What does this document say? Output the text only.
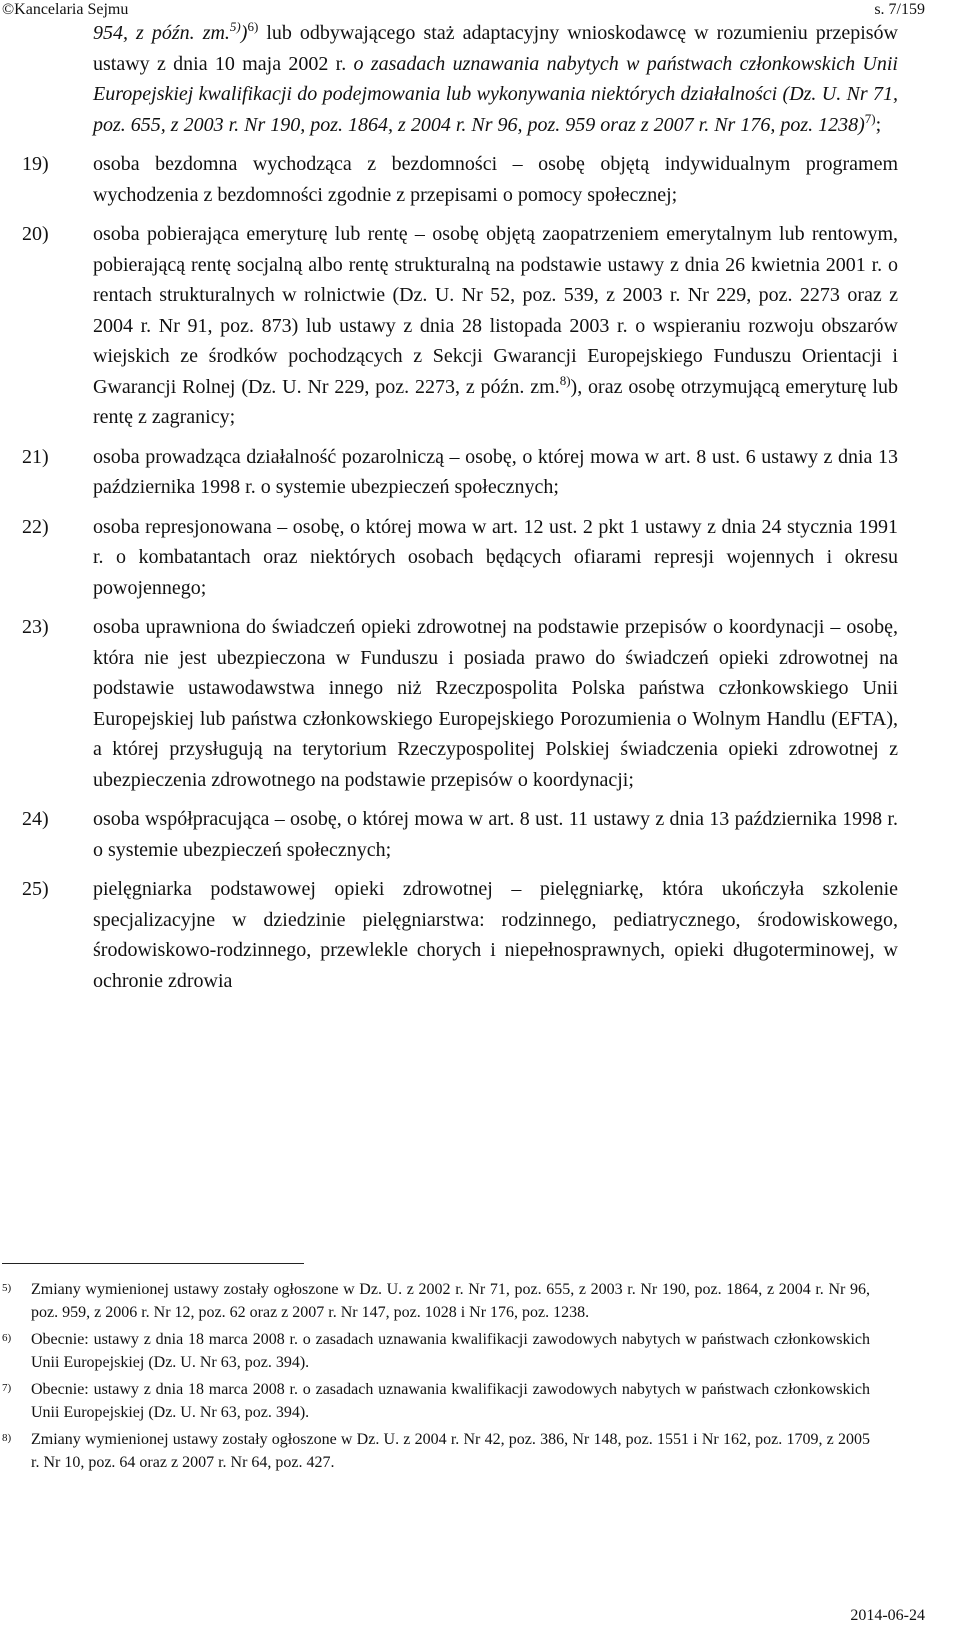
©Kancelaria Sejmu	s. 7/159
954, z późn. zm.$^{5)}$)$^{6)}$ lub odbywającego staż adaptacyjny wnioskodawcę w rozumieniu przepisów ustawy z dnia 10 maja 2002 r. o zasadach uznawania nabytych w państwach członkowskich Unii Europejskiej kwalifikacji do podejmowania lub wykonywania niektórych działalności (Dz. U. Nr 71, poz. 655, z 2003 r. Nr 190, poz. 1864, z 2004 r. Nr 96, poz. 959 oraz z 2007 r. Nr 176, poz. 1238)$^{7)}$;
19)	osoba bezdomna wychodząca z bezdomności – osobę objętą indywidualnym programem wychodzenia z bezdomności zgodnie z przepisami o pomocy społecznej;
20)	osoba pobierająca emeryturę lub rentę – osobę objętą zaopatrzeniem emerytalnym lub rentowym, pobierającą rentę socjalną albo rentę strukturalną na podstawie ustawy z dnia 26 kwietnia 2001 r. o rentach strukturalnych w rolnictwie (Dz. U. Nr 52, poz. 539, z 2003 r. Nr 229, poz. 2273 oraz z 2004 r. Nr 91, poz. 873) lub ustawy z dnia 28 listopada 2003 r. o wspieraniu rozwoju obszarów wiejskich ze środków pochodzących z Sekcji Gwarancji Europejskiego Funduszu Orientacji i Gwarancji Rolnej (Dz. U. Nr 229, poz. 2273, z późn. zm.$^{8)}$), oraz osobę otrzymującą emeryturę lub rentę z zagranicy;
21)	osoba prowadząca działalność pozarolniczą – osobę, o której mowa w art. 8 ust. 6 ustawy z dnia 13 października 1998 r. o systemie ubezpieczeń społecznych;
22)	osoba represjonowana – osobę, o której mowa w art. 12 ust. 2 pkt 1 ustawy z dnia 24 stycznia 1991 r. o kombatantach oraz niektórych osobach będących ofiarami represji wojennych i okresu powojennego;
23)	osoba uprawniona do świadczeń opieki zdrowotnej na podstawie przepisów o koordynacji – osobę, która nie jest ubezpieczona w Funduszu i posiada prawo do świadczeń opieki zdrowotnej na podstawie ustawodawstwa innego niż Rzeczpospolita Polska państwa członkowskiego Unii Europejskiej lub państwa członkowskiego Europejskiego Porozumienia o Wolnym Handlu (EFTA), a której przysługują na terytorium Rzeczypospolitej Polskiej świadczenia opieki zdrowotnej z ubezpieczenia zdrowotnego na podstawie przepisów o koordynacji;
24)	osoba współpracująca – osobę, o której mowa w art. 8 ust. 11 ustawy z dnia 13 października 1998 r. o systemie ubezpieczeń społecznych;
25)	pielęgniarka podstawowej opieki zdrowotnej – pielęgniarkę, która ukończyła szkolenie specjalizacyjne w dziedzinie pielęgniarstwa: rodzinnego, pediatrycznego, środowiskowego, środowiskowo-rodzinnego, przewlekle chorych i niepełnosprawnych, opieki długoterminowej, w ochronie zdrowia
5)	Zmiany wymienionej ustawy zostały ogłoszone w Dz. U. z 2002 r. Nr 71, poz. 655, z 2003 r. Nr 190, poz. 1864, z 2004 r. Nr 96, poz. 959, z 2006 r. Nr 12, poz. 62 oraz z 2007 r. Nr 147, poz. 1028 i Nr 176, poz. 1238.
6)	Obecnie: ustawy z dnia 18 marca 2008 r. o zasadach uznawania kwalifikacji zawodowych nabytych w państwach członkowskich Unii Europejskiej (Dz. U. Nr 63, poz. 394).
7)	Obecnie: ustawy z dnia 18 marca 2008 r. o zasadach uznawania kwalifikacji zawodowych nabytych w państwach członkowskich Unii Europejskiej (Dz. U. Nr 63, poz. 394).
8)	Zmiany wymienionej ustawy zostały ogłoszone w Dz. U. z 2004 r. Nr 42, poz. 386, Nr 148, poz. 1551 i Nr 162, poz. 1709, z 2005 r. Nr 10, poz. 64 oraz z 2007 r. Nr 64, poz. 427.
2014-06-24
